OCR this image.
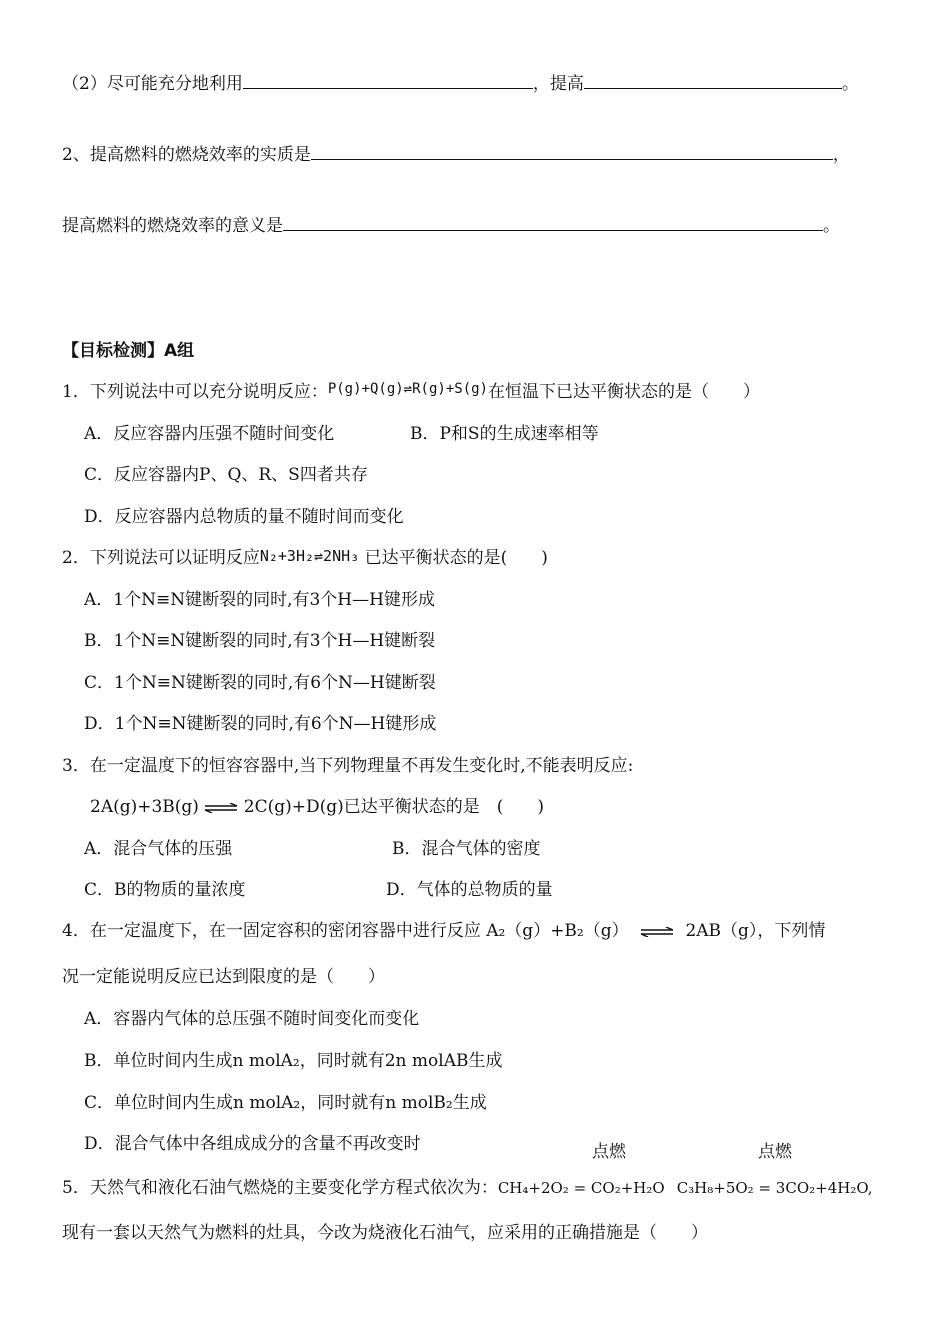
（2）尽可能充分地利用	，提高	。
2、提高燃料的燃烧效率的实质是	，
提高燃料的燃烧效率的意义是	。
【目标检测】A组
1．下列说法中可以充分说明反应：$^{P(g)+Q(g)\rightleftharpoons R(g)+S(g)}$在恒温下已达平衡状态的是（　　）
A．反应容器内压强不随时间变化	B．P和S的生成速率相等
C．反应容器内P、Q、R、S四者共存
D．反应容器内总物质的量不随时间而变化
2．下列说法可以证明反应N₂+3H₂⇌2NH₃ 已达平衡状态的是(　　)
A．1个N≡N键断裂的同时,有3个H—H键形成
B．1个N≡N键断裂的同时,有3个H—H键断裂
C．1个N≡N键断裂的同时,有6个N—H键断裂
D．1个N≡N键断裂的同时,有6个N—H键形成
3．在一定温度下的恒容容器中,当下列物理量不再发生变化时,不能表明反应:
2A(g)+3B(g) ⇌ 2C(g)+D(g)已达平衡状态的是　(　　)
A．混合气体的压强	B．混合气体的密度
C．B的物质的量浓度	D．气体的总物质的量
4．在一定温度下，在一固定容积的密闭容器中进行反应 A₂（g）+B₂（g） ⇌ 2AB（g），下列情
况一定能说明反应已达到限度的是（　　）
A．容器内气体的总压强不随时间变化而变化
B．单位时间内生成n molA₂，同时就有2n molAB生成
C．单位时间内生成n molA₂，同时就有n molB₂生成
D．混合气体中各组成成分的含量不再改变时	点燃	点燃
5．天然气和液化石油气燃烧的主要变化学方程式依次为：CH₄+2O₂ = CO₂+H₂O C₃H₈+5O₂ = 3CO₂+4H₂O,
现有一套以天然气为燃料的灶具，今改为烧液化石油气，应采用的正确措施是（　　）
